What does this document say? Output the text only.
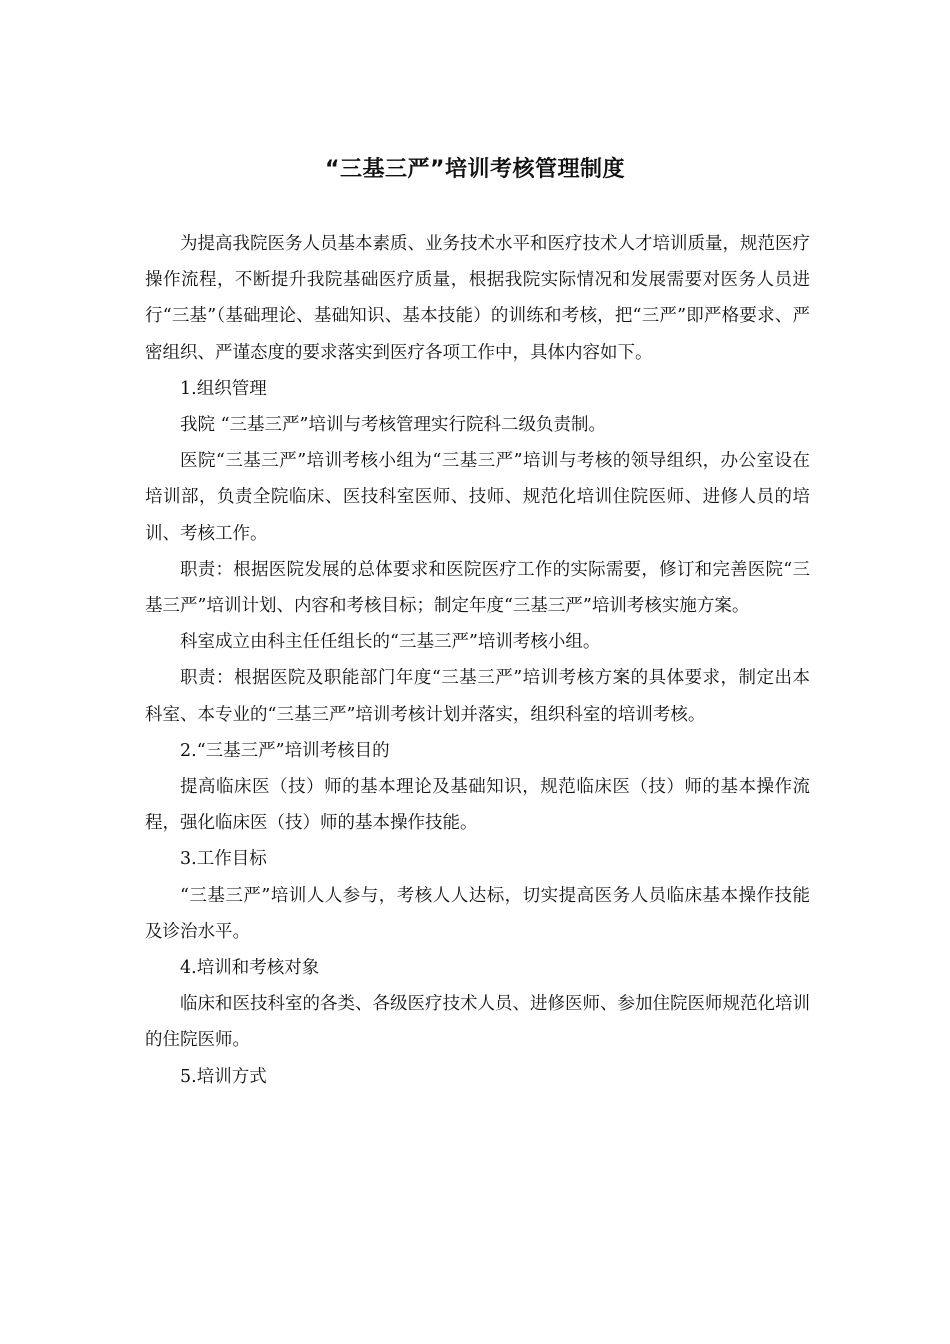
“三基三严”培训考核管理制度

为提高我院医务人员基本素质、业务技术水平和医疗技术人才培训质量，规范医疗操作流程，不断提升我院基础医疗质量，根据我院实际情况和发展需要对医务人员进行“三基”（基础理论、基础知识、基本技能）的训练和考核，把“三严”即严格要求、严密组织、严谨态度的要求落实到医疗各项工作中，具体内容如下。

1.组织管理

我院 “三基三严”培训与考核管理实行院科二级负责制。

医院“三基三严”培训考核小组为“三基三严”培训与考核的领导组织，办公室设在培训部，负责全院临床、医技科室医师、技师、规范化培训住院医师、进修人员的培训、考核工作。

职责：根据医院发展的总体要求和医院医疗工作的实际需要，修订和完善医院“三基三严”培训计划、内容和考核目标；制定年度“三基三严”培训考核实施方案。

科室成立由科主任任组长的“三基三严”培训考核小组。

职责：根据医院及职能部门年度“三基三严”培训考核方案的具体要求，制定出本科室、本专业的“三基三严”培训考核计划并落实，组织科室的培训考核。

2.“三基三严”培训考核目的

提高临床医（技）师的基本理论及基础知识，规范临床医（技）师的基本操作流程，强化临床医（技）师的基本操作技能。

3.工作目标

“三基三严”培训人人参与，考核人人达标，切实提高医务人员临床基本操作技能及诊治水平。

4.培训和考核对象

临床和医技科室的各类、各级医疗技术人员、进修医师、参加住院医师规范化培训的住院医师。

5.培训方式
